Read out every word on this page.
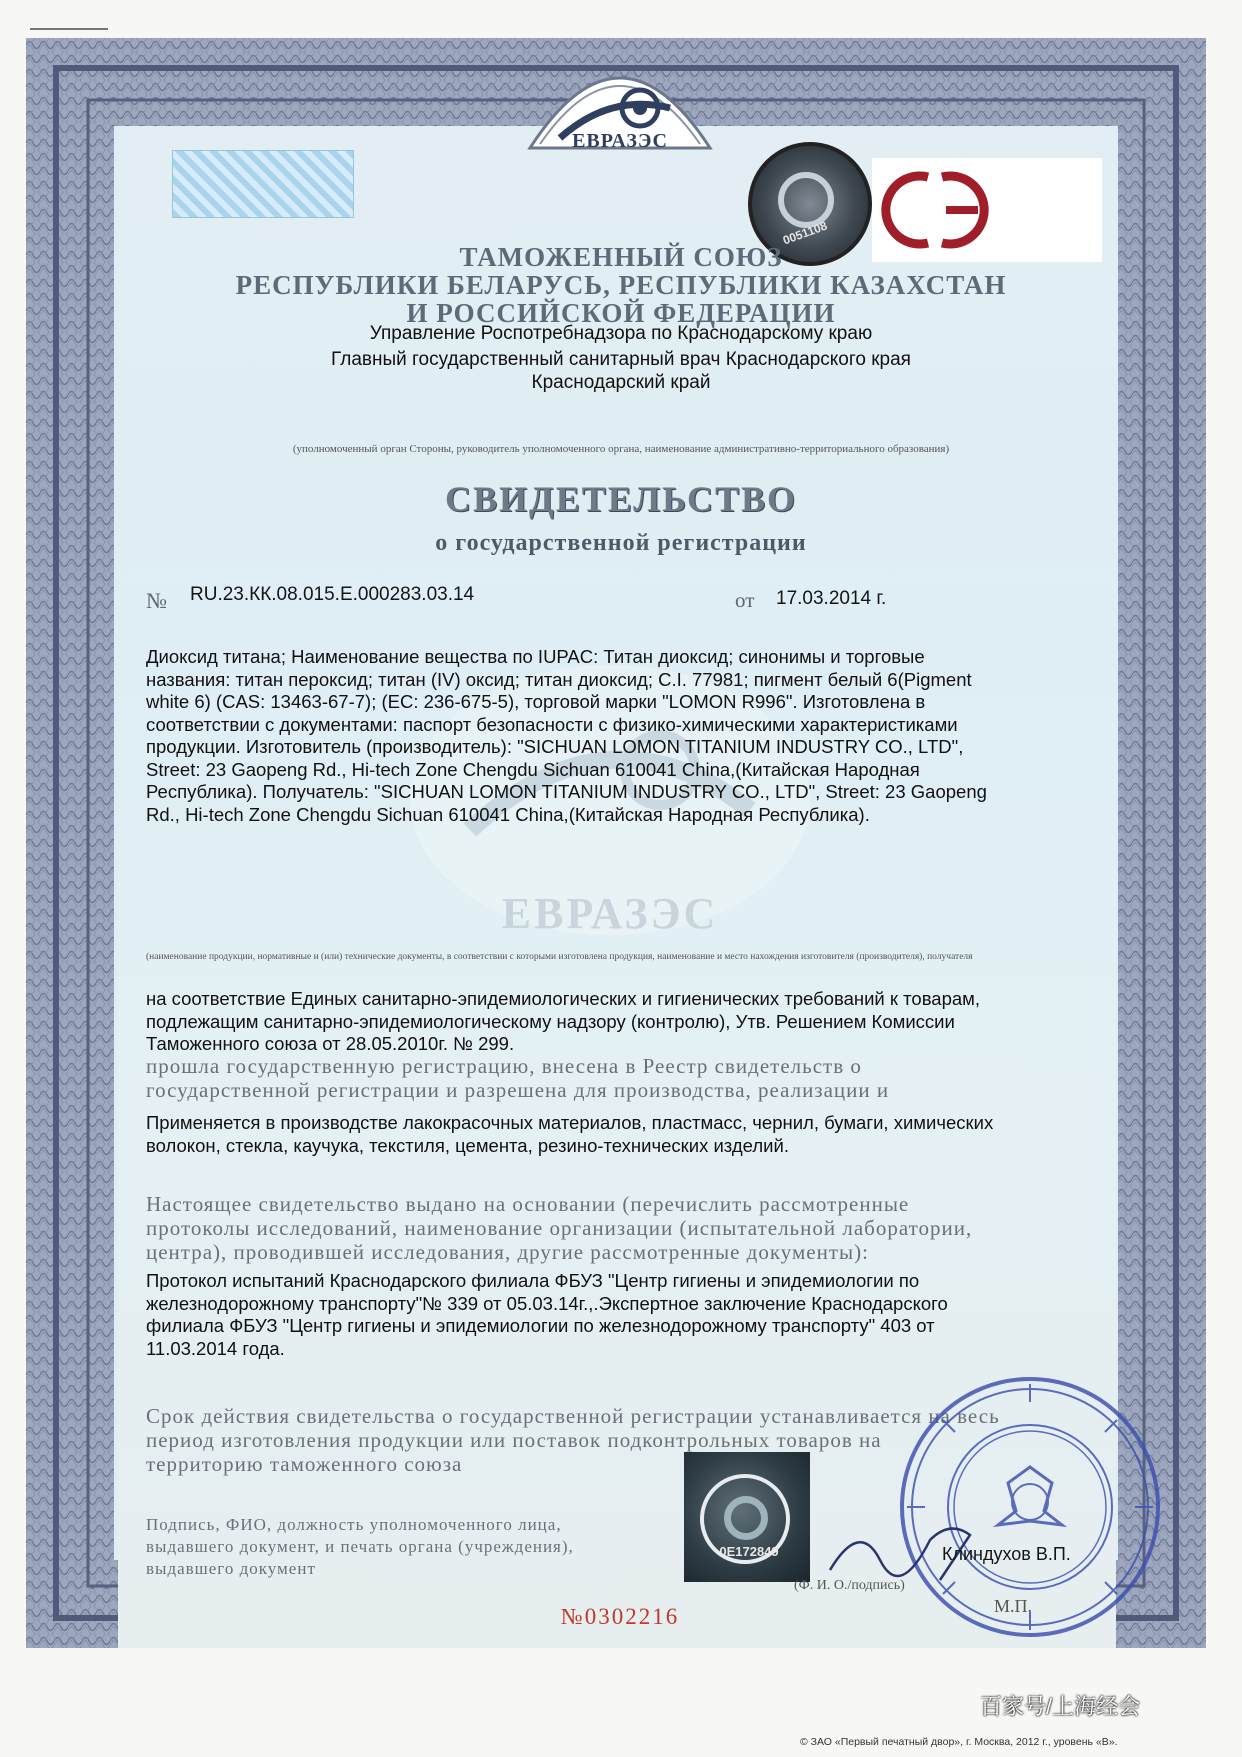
ЕВРАЗЭС
ЕВРАЗЭС
0051108
ТАМОЖЕННЫЙ СОЮЗ
РЕСПУБЛИКИ БЕЛАРУСЬ, РЕСПУБЛИКИ КАЗАХСТАН
И РОССИЙСКОЙ ФЕДЕРАЦИИ
Управление Роспотребнадзора по Краснодарскому краю
Главный государственный санитарный врач Краснодарского края
Краснодарский край
(уполномоченный орган Стороны, руководитель уполномоченного органа, наименование административно-территориального образования)
СВИДЕТЕЛЬСТВО
о государственной регистрации
№ RU.23.КК.08.015.Е.000283.03.14	от 17.03.2014 г.
Диоксид титана; Наименование вещества по IUPAC: Титан диоксид; синонимы и торговые
названия: титан пероксид; титан (IV) оксид; титан диоксид; C.I. 77981; пигмент белый 6(Pigment
white 6) (CAS: 13463-67-7); (EC: 236-675-5), торговой марки "LOMON R996". Изготовлена в
соответствии с документами: паспорт безопасности с физико-химическими характеристиками
продукции. Изготовитель (производитель): "SICHUAN LOMON TITANIUM INDUSTRY CO., LTD",
Street: 23 Gaopeng Rd., Hi-tech Zone Chengdu Sichuan 610041 China,(Китайская Народная
Республика). Получатель: "SICHUAN LOMON TITANIUM INDUSTRY CO., LTD", Street: 23 Gaopeng
Rd., Hi-tech Zone Chengdu Sichuan 610041 China,(Китайская Народная Республика).
(наименование продукции, нормативные и (или) технические документы, в соответствии с которыми изготовлена продукция, наименование и место нахождения изготовителя (производителя), получателя
на соответствие Единых санитарно-эпидемиологических и гигиенических требований к товарам,
подлежащим санитарно-эпидемиологическому надзору (контролю), Утв. Решением Комиссии
Таможенного союза от 28.05.2010г. № 299.
прошла государственную регистрацию, внесена в Реестр свидетельств о
государственной регистрации и разрешена для производства, реализации и
Применяется в производстве лакокрасочных материалов, пластмасс, чернил, бумаги, химических
волокон, стекла, каучука, текстиля, цемента, резино-технических изделий.
Настоящее свидетельство выдано на основании (перечислить рассмотренные
протоколы исследований, наименование организации (испытательной лаборатории,
центра), проводившей исследования, другие рассмотренные документы):
Протокол испытаний Краснодарского филиала ФБУЗ "Центр гигиены и эпидемиологии по
железнодорожному транспорту"№ 339 от 05.03.14г.,.Экспертное заключение Краснодарского
филиала ФБУЗ "Центр гигиены и эпидемиологии по железнодорожному транспорту" 403 от
11.03.2014 года.
Срок действия свидетельства о государственной регистрации устанавливается на весь
период изготовления продукции или поставок подконтрольных товаров на
территорию таможенного союза
Подпись, ФИО, должность уполномоченного лица,
выдавшего документ, и печать органа (учреждения),
выдавшего документ
0E172849	Клиндухов В.П.
(Ф. И. О./подпись)
М.П.
№0302216
百家号/上海经会
© ЗАО «Первый печатный двор», г. Москва, 2012 г., уровень «В».
